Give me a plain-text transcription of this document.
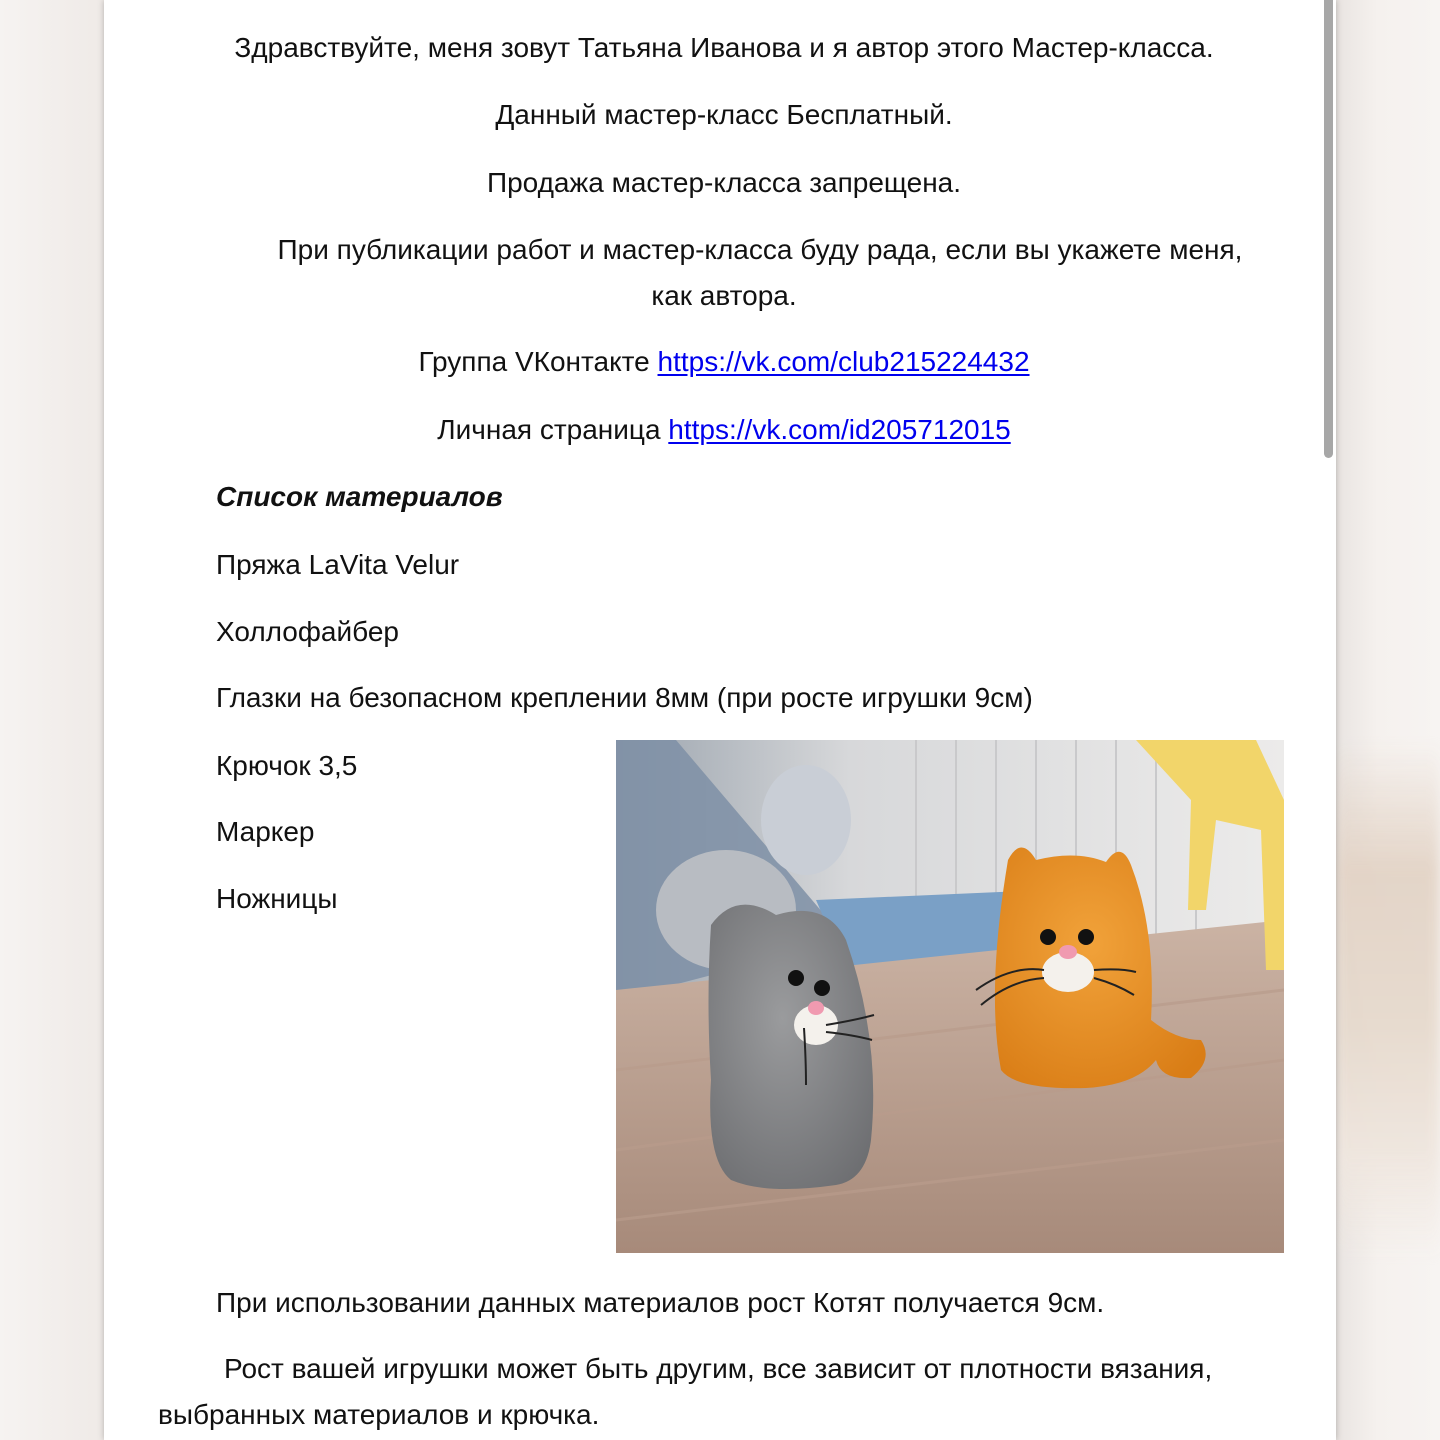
Здравствуйте, меня зовут Татьяна Иванова и я автор этого Мастер-класса.

Данный мастер-класс Бесплатный.

Продажа мастер-класса запрещена.

При публикации работ и мастер-класса буду рада, если вы укажете меня,

как автора.

Группа VКонтакте https://vk.com/club215224432

Личная страница https://vk.com/id205712015

Список материалов

Пряжа LaVita Velur

Холлофайбер

Глазки на безопасном креплении 8мм (при росте игрушки 9см)

Крючок 3,5

Маркер

Ножницы

При использовании данных материалов рост Котят получается 9см.

Рост вашей игрушки может быть другим, все зависит от плотности вязания,

выбранных материалов и крючка.
